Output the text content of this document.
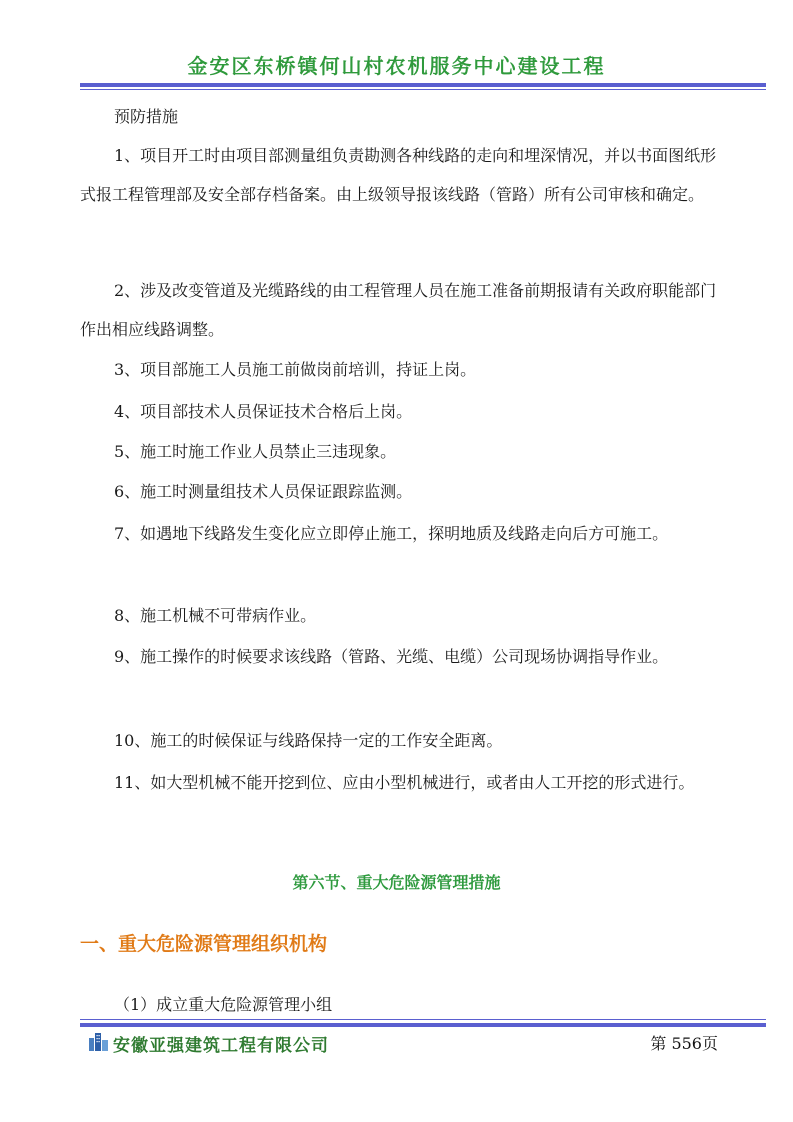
金安区东桥镇何山村农机服务中心建设工程
预防措施
1、项目开工时由项目部测量组负责勘测各种线路的走向和埋深情况，并以书面图纸形式报工程管理部及安全部存档备案。由上级领导报该线路（管路）所有公司审核和确定。
2、涉及改变管道及光缆路线的由工程管理人员在施工准备前期报请有关政府职能部门作出相应线路调整。
3、项目部施工人员施工前做岗前培训，持证上岗。
4、项目部技术人员保证技术合格后上岗。
5、施工时施工作业人员禁止三违现象。
6、施工时测量组技术人员保证跟踪监测。
7、如遇地下线路发生变化应立即停止施工，探明地质及线路走向后方可施工。
8、施工机械不可带病作业。
9、施工操作的时候要求该线路（管路、光缆、电缆）公司现场协调指导作业。
10、施工的时候保证与线路保持一定的工作安全距离。
11、如大型机械不能开挖到位、应由小型机械进行，或者由人工开挖的形式进行。
第六节、重大危险源管理措施
一、重大危险源管理组织机构
（1）成立重大危险源管理小组
安徽亚强建筑工程有限公司	第 556页
